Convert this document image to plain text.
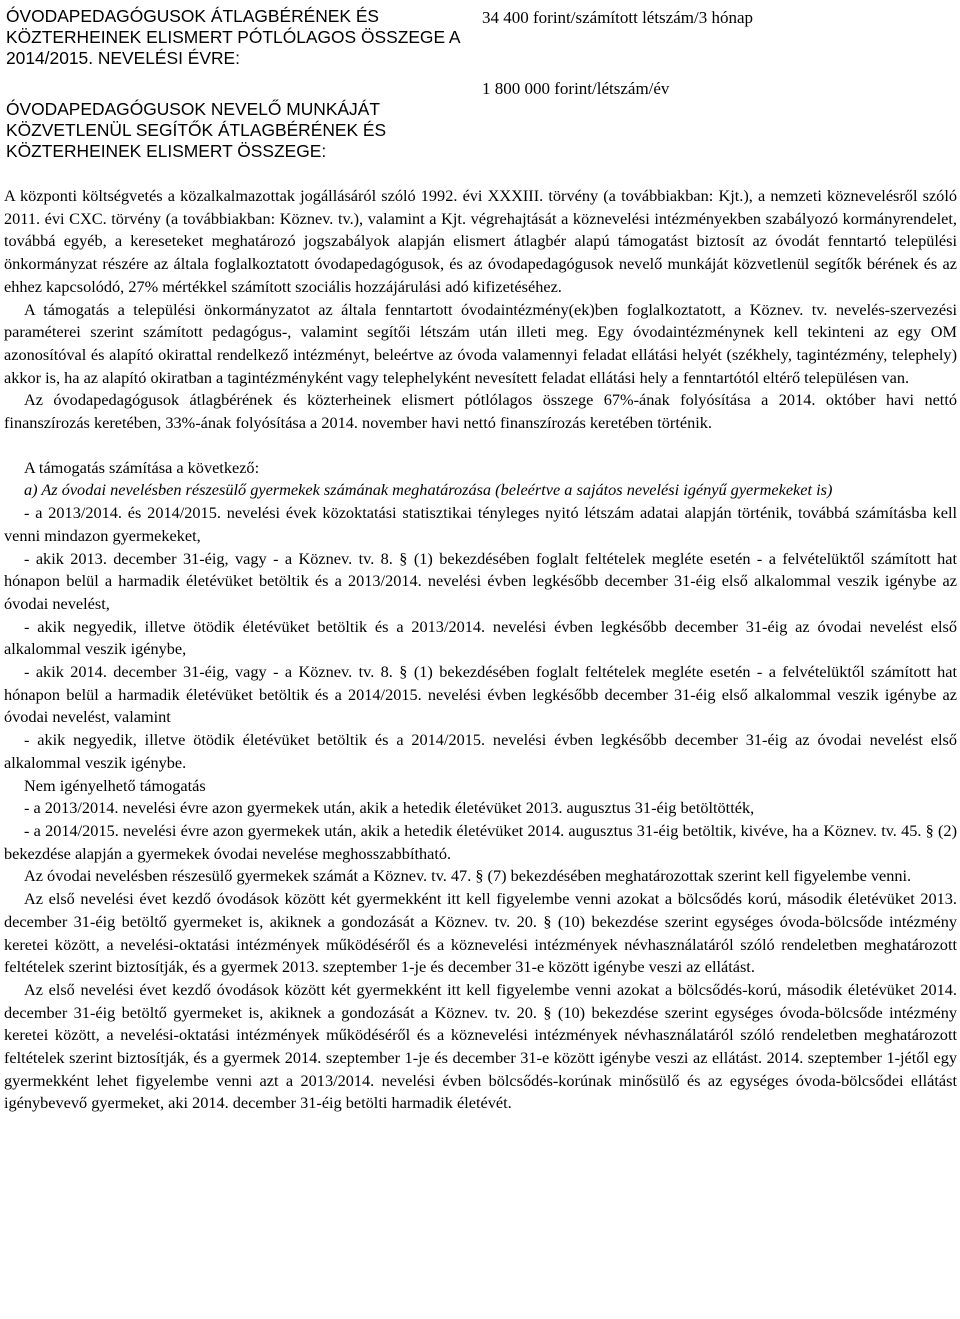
ÓVODAPEDAGÓGUSOK ÁTLAGBÉRÉNEK ÉS KÖZTERHEINEK ELISMERT PÓTLÓLAGOS ÖSSZEGE A 2014/2015. NEVELÉSI ÉVRE:
34 400 forint/számított létszám/3 hónap
1 800 000 forint/létszám/év
ÓVODAPEDAGÓGUSOK NEVELŐ MUNKÁJÁT KÖZVETLENÜL SEGÍTŐK ÁTLAGBÉRÉNEK ÉS KÖZTERHEINEK ELISMERT ÖSSZEGE:

A központi költségvetés a közalkalmazottak jogállásáról szóló 1992. évi XXXIII. törvény (a továbbiakban: Kjt.), a nemzeti köznevelésről szóló 2011. évi CXC. törvény (a továbbiakban: Köznev. tv.), valamint a Kjt. végrehajtását a köznevelési intézményekben szabályozó kormányrendelet, továbbá egyéb, a kereseteket meghatározó jogszabályok alapján elismert átlagbér alapú támogatást biztosít az óvodát fenntartó települési önkormányzat részére az általa foglalkoztatott óvodapedagógusok, és az óvodapedagógusok nevelő munkáját közvetlenül segítők bérének és az ehhez kapcsolódó, 27% mértékkel számított szociális hozzájárulási adó kifizetéséhez.

A támogatás a települési önkormányzatot az általa fenntartott óvodaintézmény(ek)ben foglalkoztatott, a Köznev. tv. nevelés-szervezési paraméterei szerint számított pedagógus-, valamint segítői létszám után illeti meg. Egy óvodaintézménynek kell tekinteni az egy OM azonosítóval és alapító okirattal rendelkező intézményt, beleértve az óvoda valamennyi feladat ellátási helyét (székhely, tagintézmény, telephely) akkor is, ha az alapító okiratban a tagintézményként vagy telephelyként nevesített feladat ellátási hely a fenntartótól eltérő településen van.

Az óvodapedagógusok átlagbérének és közterheinek elismert pótlólagos összege 67%-ának folyósítása a 2014. október havi nettó finanszírozás keretében, 33%-ának folyósítása a 2014. november havi nettó finanszírozás keretében történik.

A támogatás számítása a következő:

a) Az óvodai nevelésben részesülő gyermekek számának meghatározása (beleértve a sajátos nevelési igényű gyermekeket is)

- a 2013/2014. és 2014/2015. nevelési évek közoktatási statisztikai tényleges nyitó létszám adatai alapján történik, továbbá számításba kell venni mindazon gyermekeket,

- akik 2013. december 31-éig, vagy - a Köznev. tv. 8. § (1) bekezdésében foglalt feltételek megléte esetén - a felvételüktől számított hat hónapon belül a harmadik életévüket betöltik és a 2013/2014. nevelési évben legkésőbb december 31-éig első alkalommal veszik igénybe az óvodai nevelést,

- akik negyedik, illetve ötödik életévüket betöltik és a 2013/2014. nevelési évben legkésőbb december 31-éig az óvodai nevelést első alkalommal veszik igénybe,

- akik 2014. december 31-éig, vagy - a Köznev. tv. 8. § (1) bekezdésében foglalt feltételek megléte esetén - a felvételüktől számított hat hónapon belül a harmadik életévüket betöltik és a 2014/2015. nevelési évben legkésőbb december 31-éig első alkalommal veszik igénybe az óvodai nevelést, valamint

- akik negyedik, illetve ötödik életévüket betöltik és a 2014/2015. nevelési évben legkésőbb december 31-éig az óvodai nevelést első alkalommal veszik igénybe.

Nem igényelhető támogatás

- a 2013/2014. nevelési évre azon gyermekek után, akik a hetedik életévüket 2013. augusztus 31-éig betöltötték,

- a 2014/2015. nevelési évre azon gyermekek után, akik a hetedik életévüket 2014. augusztus 31-éig betöltik, kivéve, ha a Köznev. tv. 45. § (2) bekezdése alapján a gyermekek óvodai nevelése meghosszabbítható.

Az óvodai nevelésben részesülő gyermekek számát a Köznev. tv. 47. § (7) bekezdésében meghatározottak szerint kell figyelembe venni.

Az első nevelési évet kezdő óvodások között két gyermekként itt kell figyelembe venni azokat a bölcsődés korú, második életévüket 2013. december 31-éig betöltő gyermeket is, akiknek a gondozását a Köznev. tv. 20. § (10) bekezdése szerint egységes óvoda-bölcsőde intézmény keretei között, a nevelési-oktatási intézmények működéséről és a köznevelési intézmények névhasználatáról szóló rendeletben meghatározott feltételek szerint biztosítják, és a gyermek 2013. szeptember 1-je és december 31-e között igénybe veszi az ellátást.

Az első nevelési évet kezdő óvodások között két gyermekként itt kell figyelembe venni azokat a bölcsődés-korú, második életévüket 2014. december 31-éig betöltő gyermeket is, akiknek a gondozását a Köznev. tv. 20. § (10) bekezdése szerint egységes óvoda-bölcsőde intézmény keretei között, a nevelési-oktatási intézmények működéséről és a köznevelési intézmények névhasználatáról szóló rendeletben meghatározott feltételek szerint biztosítják, és a gyermek 2014. szeptember 1-je és december 31-e között igénybe veszi az ellátást. 2014. szeptember 1-jétől egy gyermekként lehet figyelembe venni azt a 2013/2014. nevelési évben bölcsődés-korúnak minősülő és az egységes óvoda-bölcsődei ellátást igénybevevő gyermeket, aki 2014. december 31-éig betölti harmadik életévét.
